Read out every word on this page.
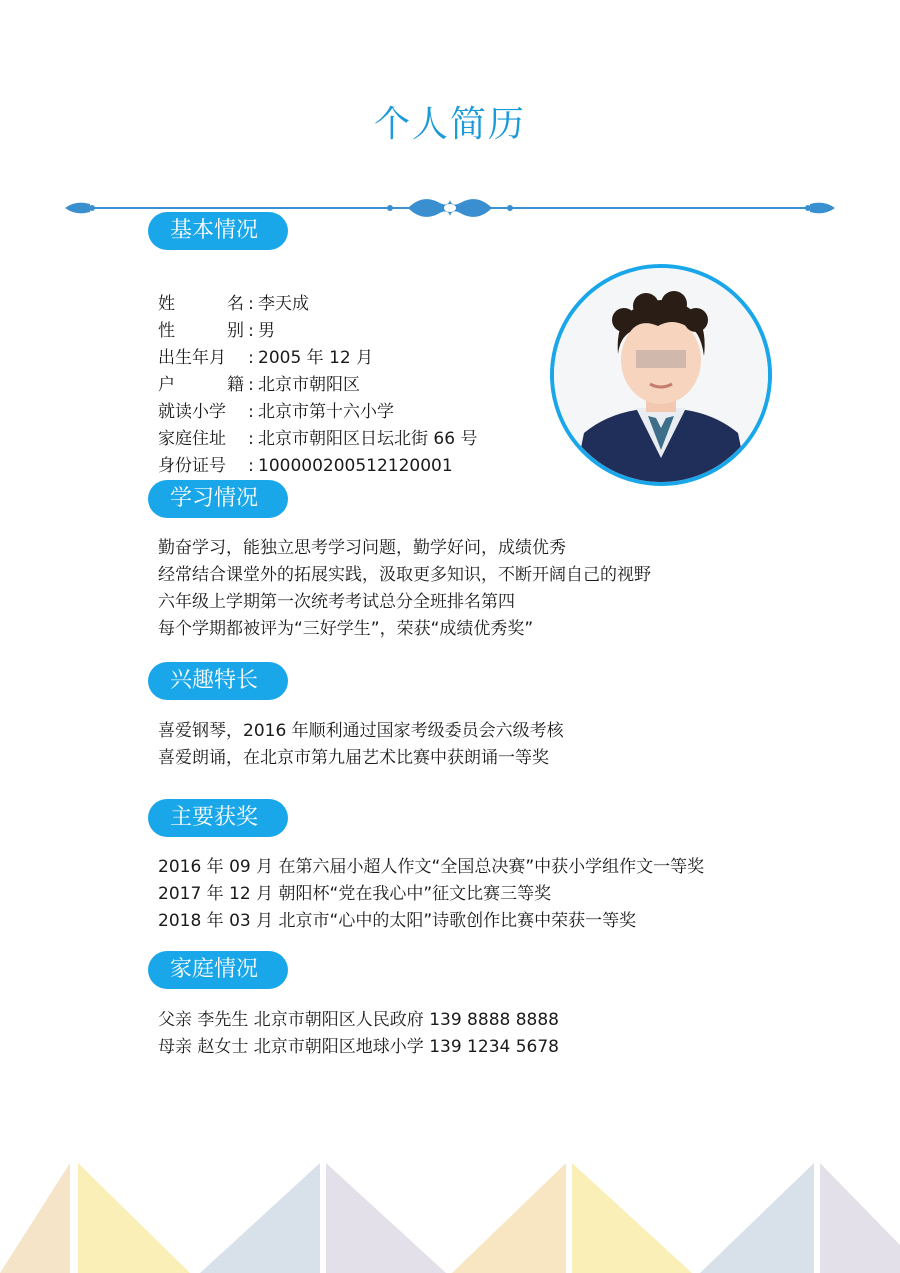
个人简历
基本情况
姓	名 : 李天成
性	别 : 男
出生年月 : 2005 年 12 月
户	籍 : 北京市朝阳区
就读小学 : 北京市第十六小学
家庭住址 : 北京市朝阳区日坛北街 66 号
身份证号 : 100000200512120001
学习情况
勤奋学习，能独立思考学习问题，勤学好问，成绩优秀
经常结合课堂外的拓展实践，汲取更多知识，不断开阔自己的视野
六年级上学期第一次统考考试总分全班排名第四
每个学期都被评为“三好学生”，荣获“成绩优秀奖”
兴趣特长
喜爱钢琴，2016 年顺利通过国家考级委员会六级考核
喜爱朗诵，在北京市第九届艺术比赛中获朗诵一等奖
主要获奖
2016 年 09 月 在第六届小超人作文“全国总决赛”中获小学组作文一等奖
2017 年 12 月 朝阳杯“党在我心中”征文比赛三等奖
2018 年 03 月 北京市“心中的太阳”诗歌创作比赛中荣获一等奖
家庭情况
父亲 李先生 北京市朝阳区人民政府 139 8888 8888
母亲 赵女士 北京市朝阳区地球小学 139 1234 5678
